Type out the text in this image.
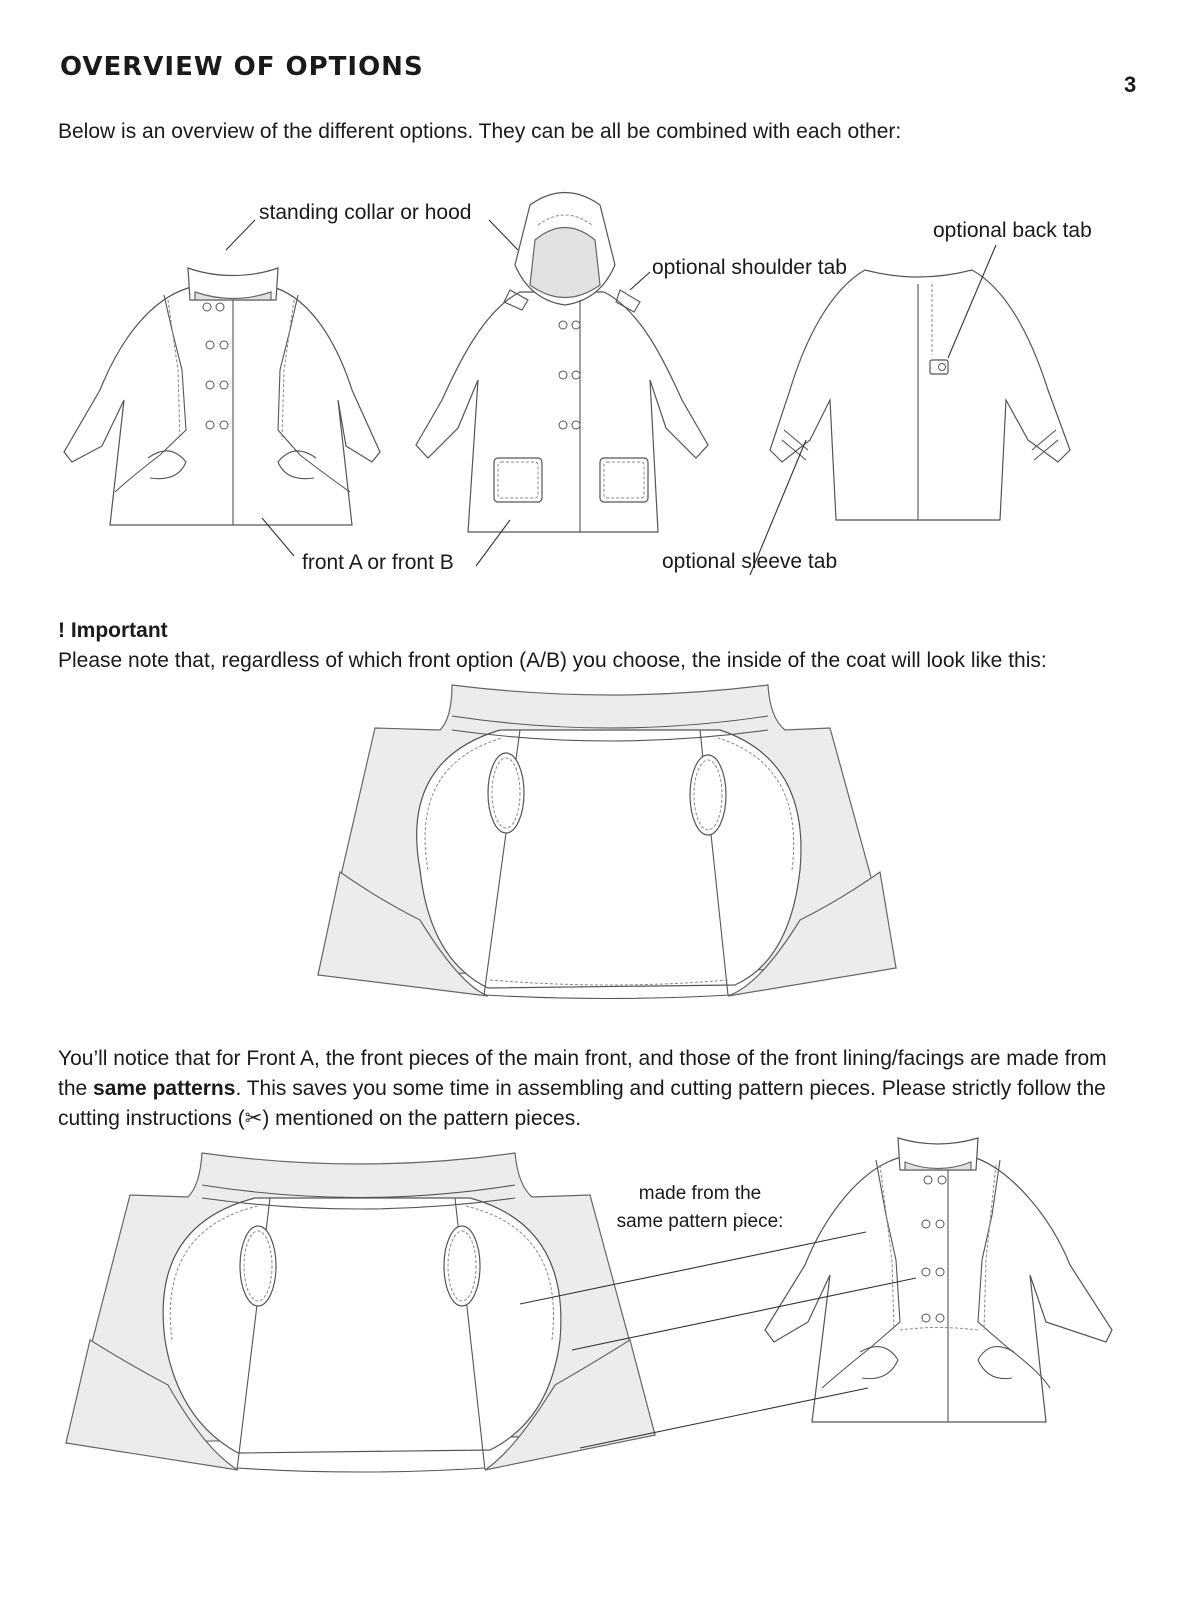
OVERVIEW OF OPTIONS
3
Below is an overview of the different options. They can be all be combined with each other:
standing collar or hood
optional back tab
optional shoulder tab
front A or front B	optional sleeve tab
! Important
Please note that, regardless of which front option (A/B) you choose, the inside of the coat will look like this:
You’ll notice that for Front A, the front pieces of the main front, and those of the front lining/facings are made from the same patterns. This saves you some time in assembling and cutting pattern pieces. Please strictly follow the cutting instructions (✂) mentioned on the pattern pieces.
made from the
same pattern piece:
